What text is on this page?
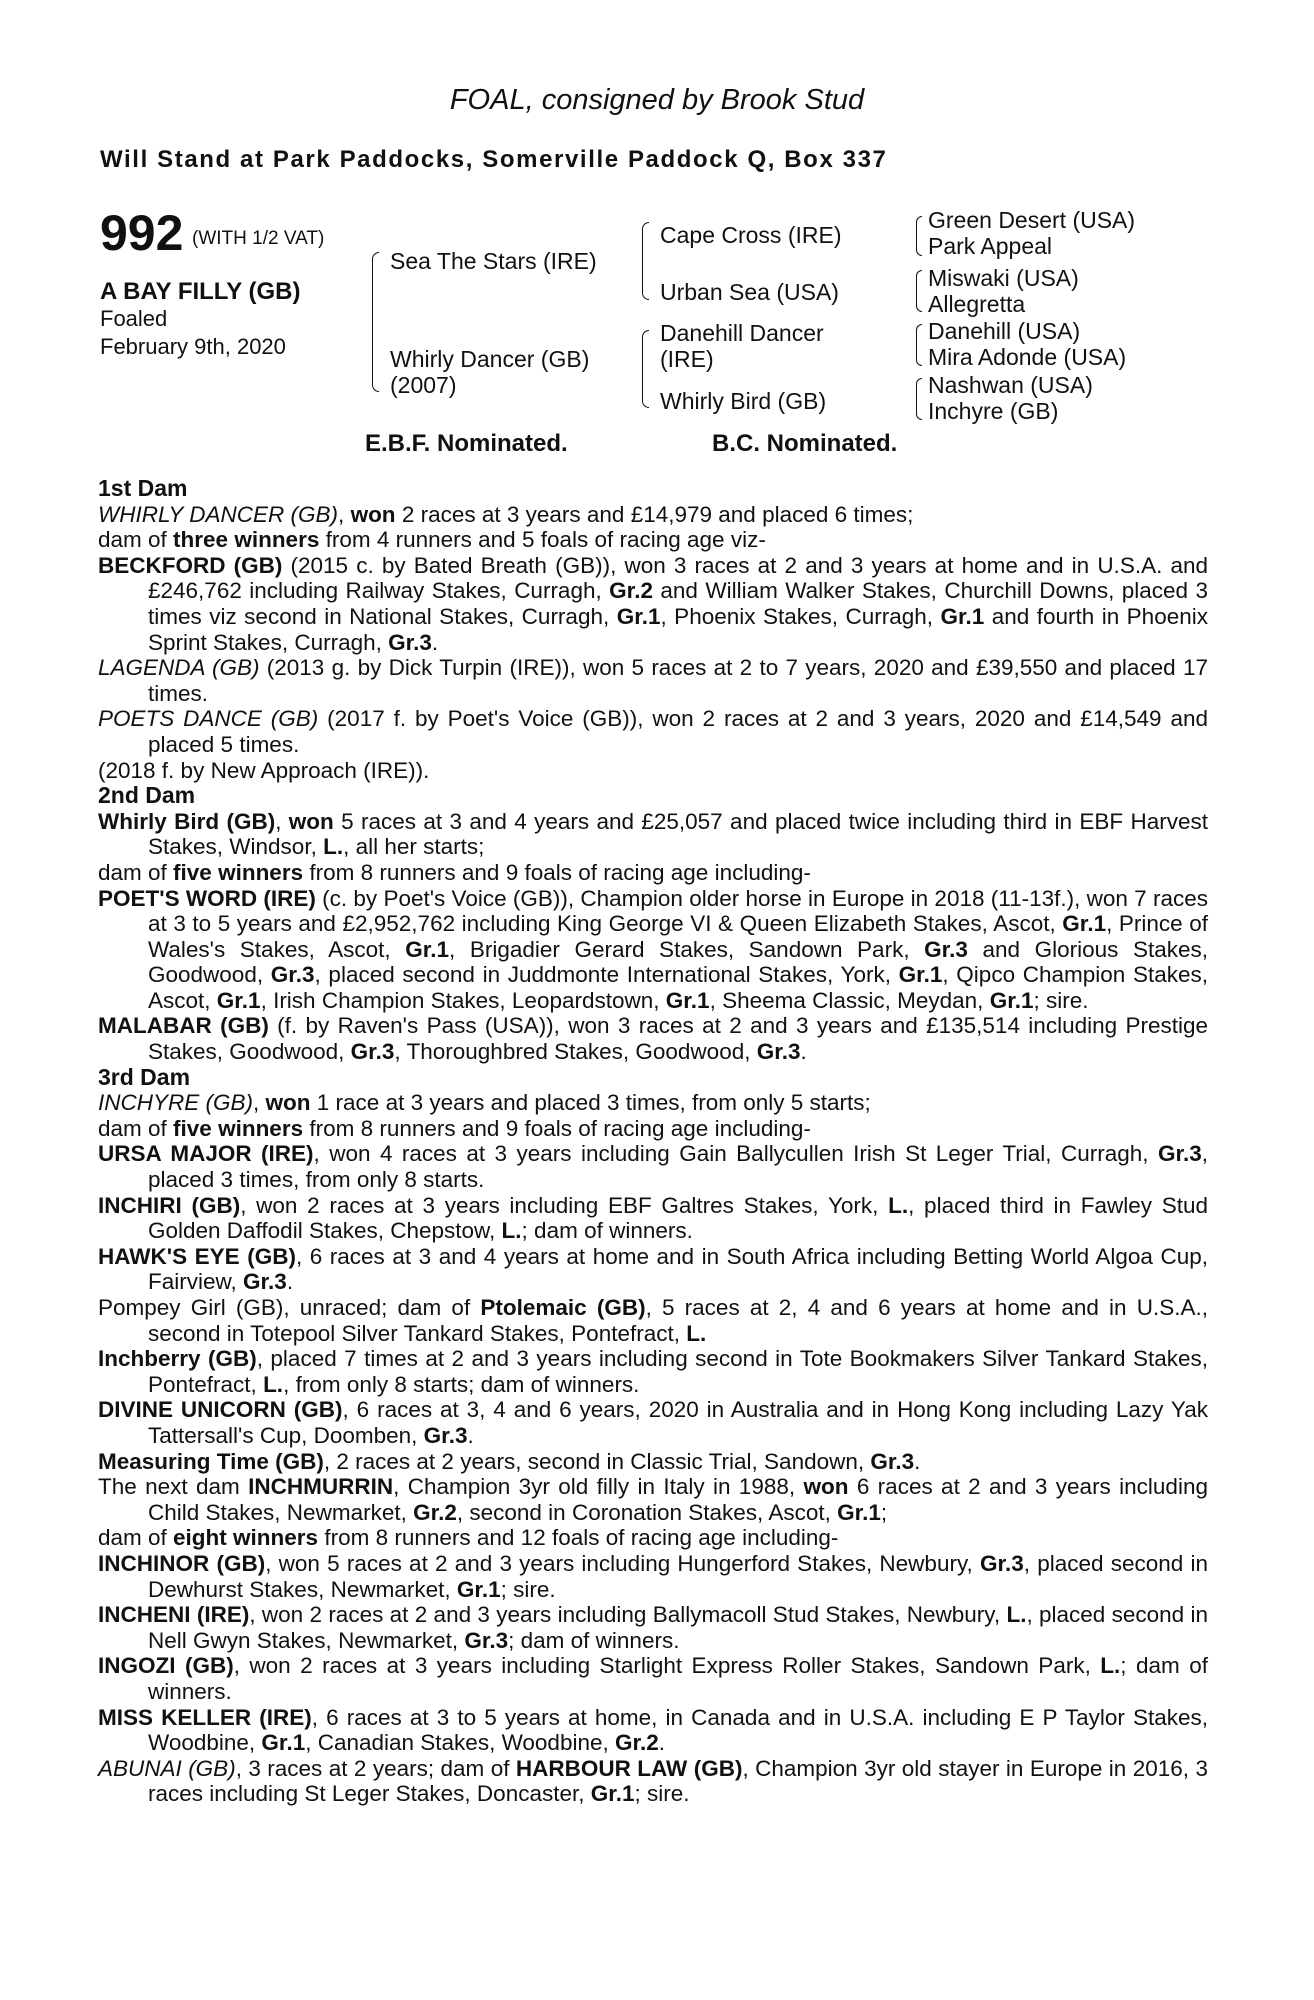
FOAL, consigned by Brook Stud
Will Stand at Park Paddocks, Somerville Paddock Q, Box 337
992 (WITH 1/2 VAT)
A BAY FILLY (GB)
Foaled
February 9th, 2020
Sea The Stars (IRE)
Whirly Dancer (GB)
(2007)
Cape Cross (IRE)
Urban Sea (USA)
Danehill Dancer
(IRE)
Whirly Bird (GB)
Green Desert (USA)
Park Appeal
Miswaki (USA)
Allegretta
Danehill (USA)
Mira Adonde (USA)
Nashwan (USA)
Inchyre (GB)
E.B.F. Nominated.	B.C. Nominated.

1st Dam

WHIRLY DANCER (GB), won 2 races at 3 years and £14,979 and placed 6 times;

dam of three winners from 4 runners and 5 foals of racing age viz-

BECKFORD (GB) (2015 c. by Bated Breath (GB)), won 3 races at 2 and 3 years at home and in U.S.A. and £246,762 including Railway Stakes, Curragh, Gr.2 and William Walker Stakes, Churchill Downs, placed 3 times viz second in National Stakes, Curragh, Gr.1, Phoenix Stakes, Curragh, Gr.1 and fourth in Phoenix Sprint Stakes, Curragh, Gr.3.

LAGENDA (GB) (2013 g. by Dick Turpin (IRE)), won 5 races at 2 to 7 years, 2020 and £39,550 and placed 17 times.

POETS DANCE (GB) (2017 f. by Poet's Voice (GB)), won 2 races at 2 and 3 years, 2020 and £14,549 and placed 5 times.

(2018 f. by New Approach (IRE)).

2nd Dam

Whirly Bird (GB), won 5 races at 3 and 4 years and £25,057 and placed twice including third in EBF Harvest Stakes, Windsor, L., all her starts;

dam of five winners from 8 runners and 9 foals of racing age including-

POET'S WORD (IRE) (c. by Poet's Voice (GB)), Champion older horse in Europe in 2018 (11-13f.), won 7 races at 3 to 5 years and £2,952,762 including King George VI & Queen Elizabeth Stakes, Ascot, Gr.1, Prince of Wales's Stakes, Ascot, Gr.1, Brigadier Gerard Stakes, Sandown Park, Gr.3 and Glorious Stakes, Goodwood, Gr.3, placed second in Juddmonte International Stakes, York, Gr.1, Qipco Champion Stakes, Ascot, Gr.1, Irish Champion Stakes, Leopardstown, Gr.1, Sheema Classic, Meydan, Gr.1; sire.

MALABAR (GB) (f. by Raven's Pass (USA)), won 3 races at 2 and 3 years and £135,514 including Prestige Stakes, Goodwood, Gr.3, Thoroughbred Stakes, Goodwood, Gr.3.

3rd Dam

INCHYRE (GB), won 1 race at 3 years and placed 3 times, from only 5 starts;

dam of five winners from 8 runners and 9 foals of racing age including-

URSA MAJOR (IRE), won 4 races at 3 years including Gain Ballycullen Irish St Leger Trial, Curragh, Gr.3, placed 3 times, from only 8 starts.

INCHIRI (GB), won 2 races at 3 years including EBF Galtres Stakes, York, L., placed third in Fawley Stud Golden Daffodil Stakes, Chepstow, L.; dam of winners.

HAWK'S EYE (GB), 6 races at 3 and 4 years at home and in South Africa including Betting World Algoa Cup, Fairview, Gr.3.

Pompey Girl (GB), unraced; dam of Ptolemaic (GB), 5 races at 2, 4 and 6 years at home and in U.S.A., second in Totepool Silver Tankard Stakes, Pontefract, L.

Inchberry (GB), placed 7 times at 2 and 3 years including second in Tote Bookmakers Silver Tankard Stakes, Pontefract, L., from only 8 starts; dam of winners.

DIVINE UNICORN (GB), 6 races at 3, 4 and 6 years, 2020 in Australia and in Hong Kong including Lazy Yak Tattersall's Cup, Doomben, Gr.3.

Measuring Time (GB), 2 races at 2 years, second in Classic Trial, Sandown, Gr.3.

The next dam INCHMURRIN, Champion 3yr old filly in Italy in 1988, won 6 races at 2 and 3 years including Child Stakes, Newmarket, Gr.2, second in Coronation Stakes, Ascot, Gr.1;

dam of eight winners from 8 runners and 12 foals of racing age including-

INCHINOR (GB), won 5 races at 2 and 3 years including Hungerford Stakes, Newbury, Gr.3, placed second in Dewhurst Stakes, Newmarket, Gr.1; sire.

INCHENI (IRE), won 2 races at 2 and 3 years including Ballymacoll Stud Stakes, Newbury, L., placed second in Nell Gwyn Stakes, Newmarket, Gr.3; dam of winners.

INGOZI (GB), won 2 races at 3 years including Starlight Express Roller Stakes, Sandown Park, L.; dam of winners.

MISS KELLER (IRE), 6 races at 3 to 5 years at home, in Canada and in U.S.A. including E P Taylor Stakes, Woodbine, Gr.1, Canadian Stakes, Woodbine, Gr.2.

ABUNAI (GB), 3 races at 2 years; dam of HARBOUR LAW (GB), Champion 3yr old stayer in Europe in 2016, 3 races including St Leger Stakes, Doncaster, Gr.1; sire.
